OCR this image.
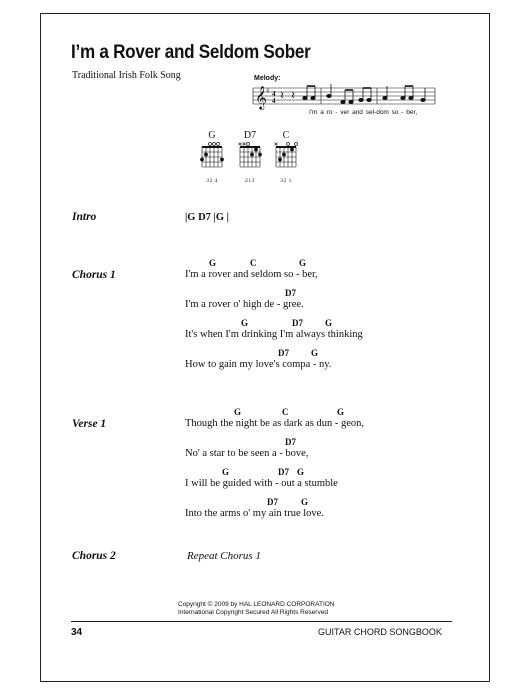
I’m a Rover and Seldom Sober
Traditional Irish Folk Song	Melody:
𝄞 ♯ 4
4
I'm a ro - ver and sel-dom so - ber,
G
32 4
D7
213
C
32 1
Intro	|G D7 |G |
Chorus 1
G	C	G
I'm a rover and seldom so - ber,
D7
I'm a rover o' high de - gree.
G	D7 G
It's when I'm drinking I'm always thinking
D7 G
How to gain my love's compa - ny.
Verse 1
G	C	G
Though the night be as dark as dun - geon,
D7
No' a star to be seen a - bove,
G	D7 G
I will be guided with - out a stumble
D7	G
Into the arms o' my ain true love.
Chorus 2	Repeat Chorus 1
Copyright © 2009 by HAL LEONARD CORPORATION
International Copyright Secured All Rights Reserved
34	GUITAR CHORD SONGBOOK
